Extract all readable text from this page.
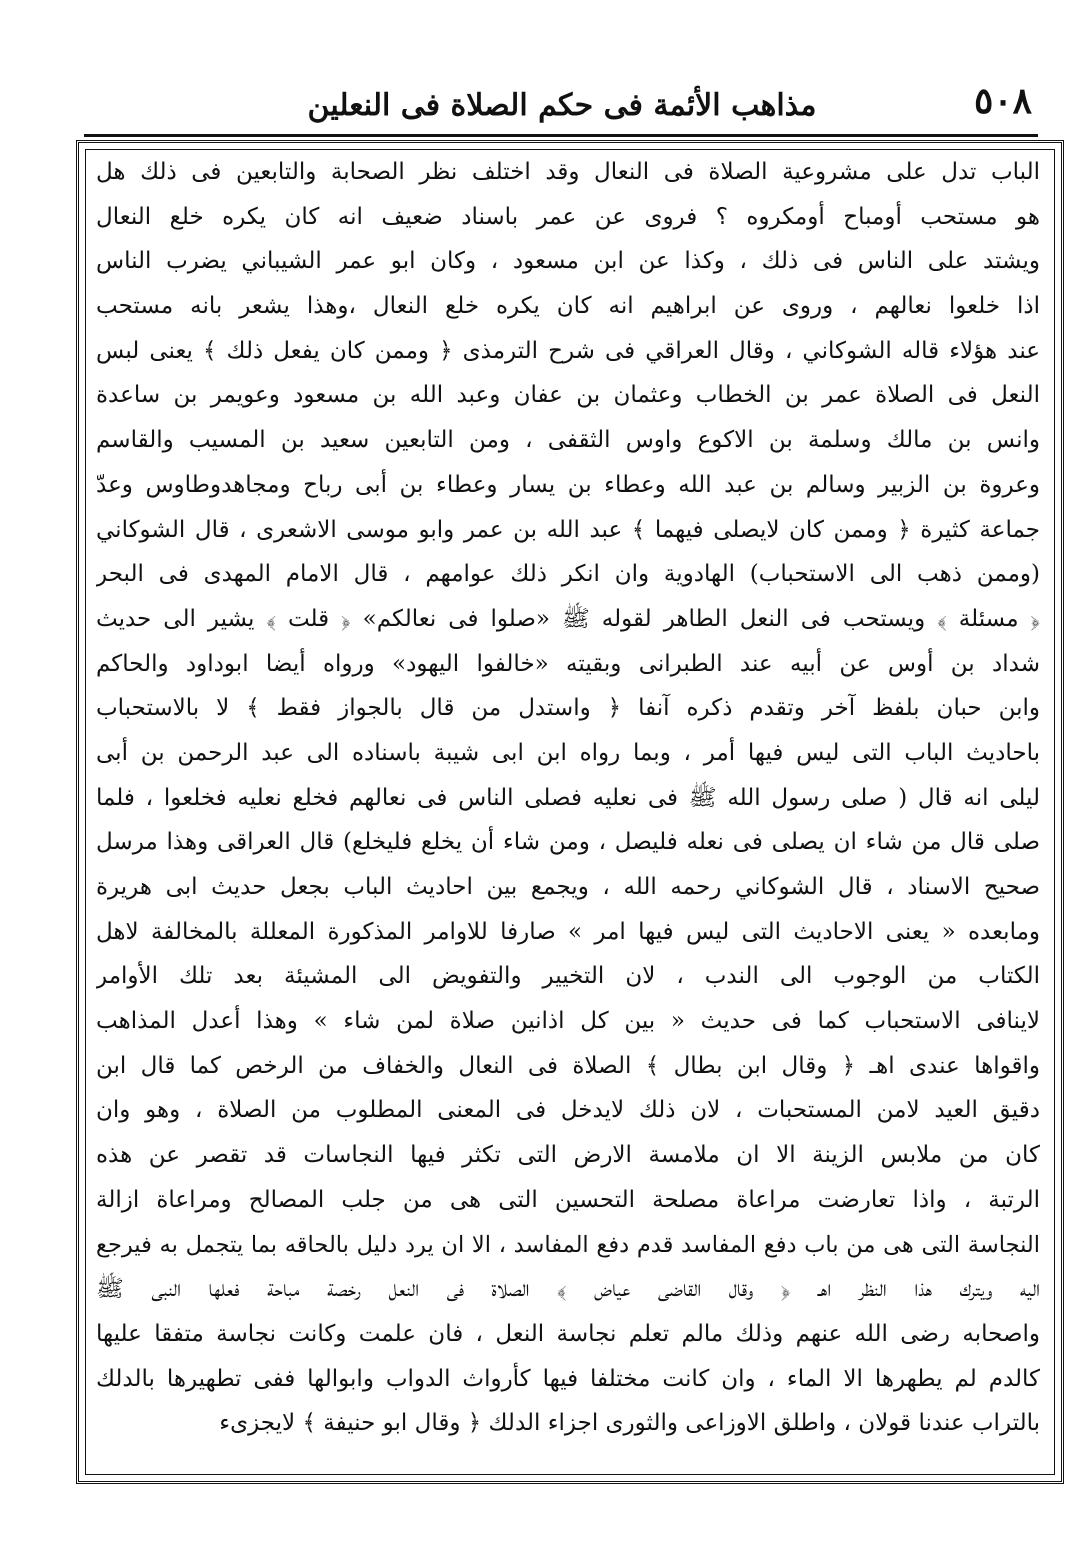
٥٠٨
مذاهب الأئمة فى حكم الصلاة فى النعلين
الباب تدل على مشروعية الصلاة فى النعال وقد اختلف نظر الصحابة والتابعين فى ذلك هل
هو مستحب أومباح أومكروه ؟ فروى عن عمر باسناد ضعيف انه كان يكره خلع النعال
ويشتد على الناس فى ذلك ، وكذا عن ابن مسعود ، وكان ابو عمر الشيباني يضرب الناس
اذا خلعوا نعالهم ، وروى عن ابراهيم انه كان يكره خلع النعال ،وهذا يشعر بانه مستحب
عند هؤلاء قاله الشوكاني ، وقال العراقي فى شرح الترمذى ﴿ وممن كان يفعل ذلك ﴾ يعنى لبس
النعل فى الصلاة عمر بن الخطاب وعثمان بن عفان وعبد الله بن مسعود وعويمر بن ساعدة
وانس بن مالك وسلمة بن الاكوع واوس الثقفى ، ومن التابعين سعيد بن المسيب والقاسم
وعروة بن الزبير وسالم بن عبد الله وعطاء بن يسار وعطاء بن أبى رباح ومجاهدوطاوس وعدّ
جماعة كثيرة ﴿ وممن كان لايصلى فيهما ﴾ عبد الله بن عمر وابو موسى الاشعرى ، قال الشوكاني
(وممن ذهب الى الاستحباب) الهادوية وان انكر ذلك عوامهم ، قال الامام المهدى فى البحر
﴿ مسئلة ﴾ ويستحب فى النعل الطاهر لقوله ﷺ «صلوا فى نعالكم» ﴿ قلت ﴾ يشير الى حديث
شداد بن أوس عن أبيه عند الطبرانى وبقيته «خالفوا اليهود» ورواه أيضا ابوداود والحاكم
وابن حبان بلفظ آخر وتقدم ذكره آنفا ﴿ واستدل من قال بالجواز فقط ﴾ لا بالاستحباب
باحاديث الباب التى ليس فيها أمر ، وبما رواه ابن ابى شيبة باسناده الى عبد الرحمن بن أبى
ليلى انه قال ( صلى رسول الله ﷺ فى نعليه فصلى الناس فى نعالهم فخلع نعليه فخلعوا ، فلما
صلى قال من شاء ان يصلى فى نعله فليصل ، ومن شاء أن يخلع فليخلع) قال العراقى وهذا مرسل
صحيح الاسناد ، قال الشوكاني رحمه الله ، ويجمع بين احاديث الباب بجعل حديث ابى هريرة
ومابعده « يعنى الاحاديث التى ليس فيها امر » صارفا للاوامر المذكورة المعللة بالمخالفة لاهل
الكتاب من الوجوب الى الندب ، لان التخيير والتفويض الى المشيئة بعد تلك الأوامر
لاينافى الاستحباب كما فى حديث « بين كل اذانين صلاة لمن شاء » وهذا أعدل المذاهب
واقواها عندى اهـ ﴿ وقال ابن بطال ﴾ الصلاة فى النعال والخفاف من الرخص كما قال ابن
دقيق العيد لامن المستحبات ، لان ذلك لايدخل فى المعنى المطلوب من الصلاة ، وهو وان
كان من ملابس الزينة الا ان ملامسة الارض التى تكثر فيها النجاسات قد تقصر عن هذه
الرتبة ، واذا تعارضت مراعاة مصلحة التحسين التى هى من جلب المصالح ومراعاة ازالة
النجاسة التى هى من باب دفع المفاسد قدم دفع المفاسد ، الا ان يرد دليل بالحاقه بما يتجمل به فيرجع
اليه ويترك هذا النظر اهـ ﴿ وقال القاضى عياض ﴾ الصلاة فى النعل رخصة مباحة فعلها النبى ﷺ
واصحابه رضى الله عنهم وذلك مالم تعلم نجاسة النعل ، فان علمت وكانت نجاسة متفقا عليها
كالدم لم يطهرها الا الماء ، وان كانت مختلفا فيها كأرواث الدواب وابوالها ففى تطهيرها بالدلك
بالتراب عندنا قولان ، واطلق الاوزاعى والثورى اجزاء الدلك ﴿ وقال ابو حنيفة ﴾ لايجزىء
